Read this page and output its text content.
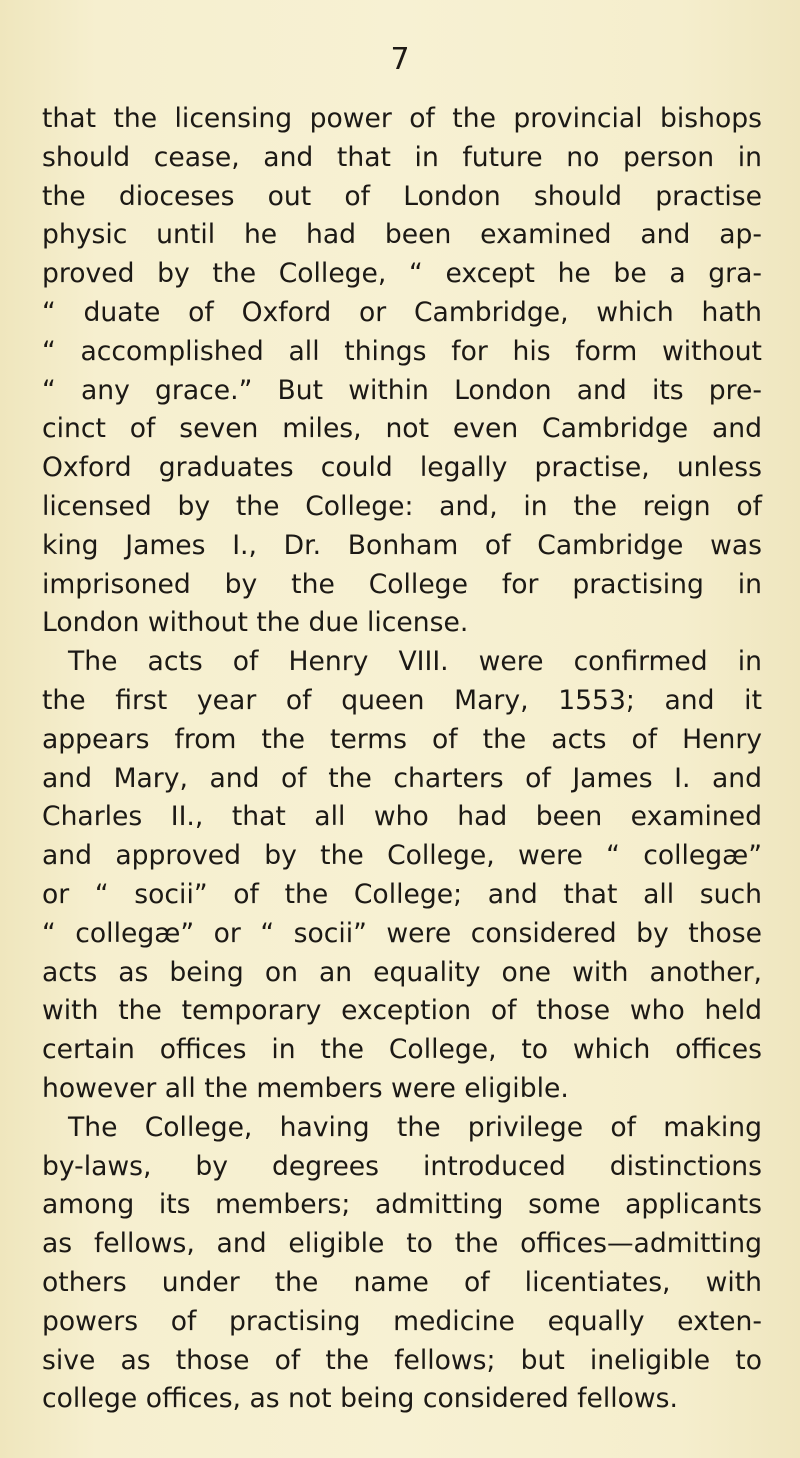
7
that the licensing power of the provincial bishops
should cease, and that in future no person in
the dioceses out of London should practise
physic until he had been examined and ap-
proved by the College, “ except he be a gra-
“ duate of Oxford or Cambridge, which hath
“ accomplished all things for his form without
“ any grace.” But within London and its pre-
cinct of seven miles, not even Cambridge and
Oxford graduates could legally practise, unless
licensed by the College: and, in the reign of
king James I., Dr. Bonham of Cambridge was
imprisoned by the College for practising in
London without the due license.
The acts of Henry VIII. were confirmed in
the first year of queen Mary, 1553; and it
appears from the terms of the acts of Henry
and Mary, and of the charters of James I. and
Charles II., that all who had been examined
and approved by the College, were “ collegæ”
or “ socii” of the College; and that all such
“ collegæ” or “ socii” were considered by those
acts as being on an equality one with another,
with the temporary exception of those who held
certain offices in the College, to which offices
however all the members were eligible.
The College, having the privilege of making
by-laws, by degrees introduced distinctions
among its members; admitting some applicants
as fellows, and eligible to the offices—admitting
others under the name of licentiates, with
powers of practising medicine equally exten-
sive as those of the fellows; but ineligible to
college offices, as not being considered fellows.
